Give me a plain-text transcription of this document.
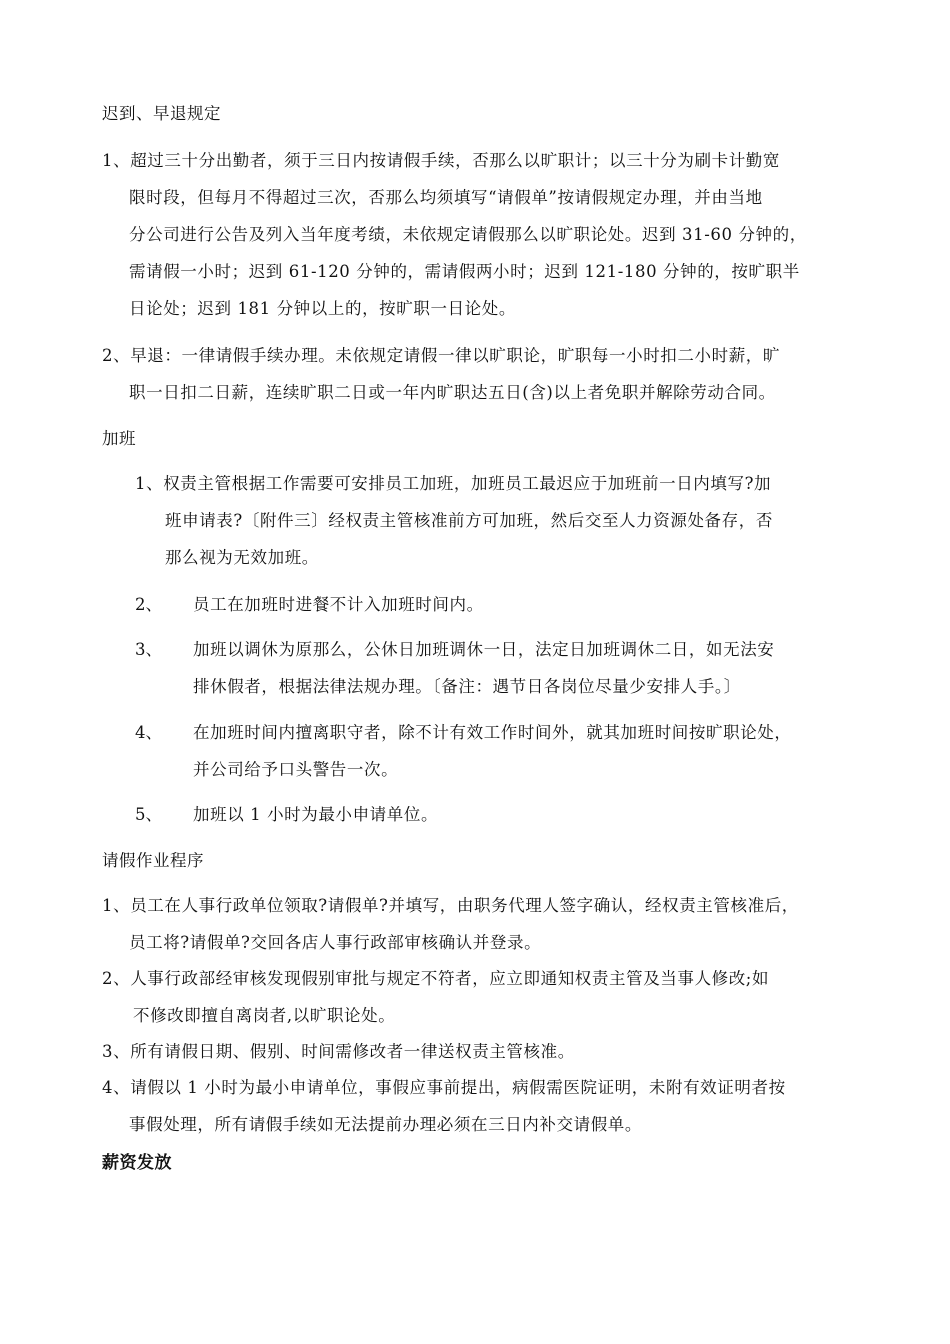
迟到、早退规定
1、超过三十分出勤者，须于三日内按请假手续，否那么以旷职计；以三十分为刷卡计勤宽
限时段，但每月不得超过三次，否那么均须填写“请假单”按请假规定办理，并由当地
分公司进行公告及列入当年度考绩，未依规定请假那么以旷职论处。迟到 31-60 分钟的，
需请假一小时；迟到 61-120 分钟的，需请假两小时；迟到 121-180 分钟的，按旷职半
日论处；迟到 181 分钟以上的，按旷职一日论处。
2、早退：一律请假手续办理。未依规定请假一律以旷职论，旷职每一小时扣二小时薪，旷
职一日扣二日薪，连续旷职二日或一年内旷职达五日(含)以上者免职并解除劳动合同。
加班
1、权责主管根据工作需要可安排员工加班，加班员工最迟应于加班前一日内填写?加
班申请表?〔附件三〕经权责主管核准前方可加班，然后交至人力资源处备存，否
那么视为无效加班。
2、 员工在加班时进餐不计入加班时间内。
3、 加班以调休为原那么，公休日加班调休一日，法定日加班调休二日，如无法安
排休假者，根据法律法规办理。〔备注：遇节日各岗位尽量少安排人手。〕
4、 在加班时间内擅离职守者，除不计有效工作时间外，就其加班时间按旷职论处，
并公司给予口头警告一次。
5、 加班以 1 小时为最小申请单位。
请假作业程序
1、员工在人事行政单位领取?请假单?并填写，由职务代理人签字确认，经权责主管核准后，
员工将?请假单?交回各店人事行政部审核确认并登录。
2、人事行政部经审核发现假别审批与规定不符者，应立即通知权责主管及当事人修改;如
不修改即擅自离岗者,以旷职论处。
3、所有请假日期、假别、时间需修改者一律送权责主管核准。
4、请假以 1 小时为最小申请单位，事假应事前提出，病假需医院证明，未附有效证明者按
事假处理，所有请假手续如无法提前办理必须在三日内补交请假单。
薪资发放
